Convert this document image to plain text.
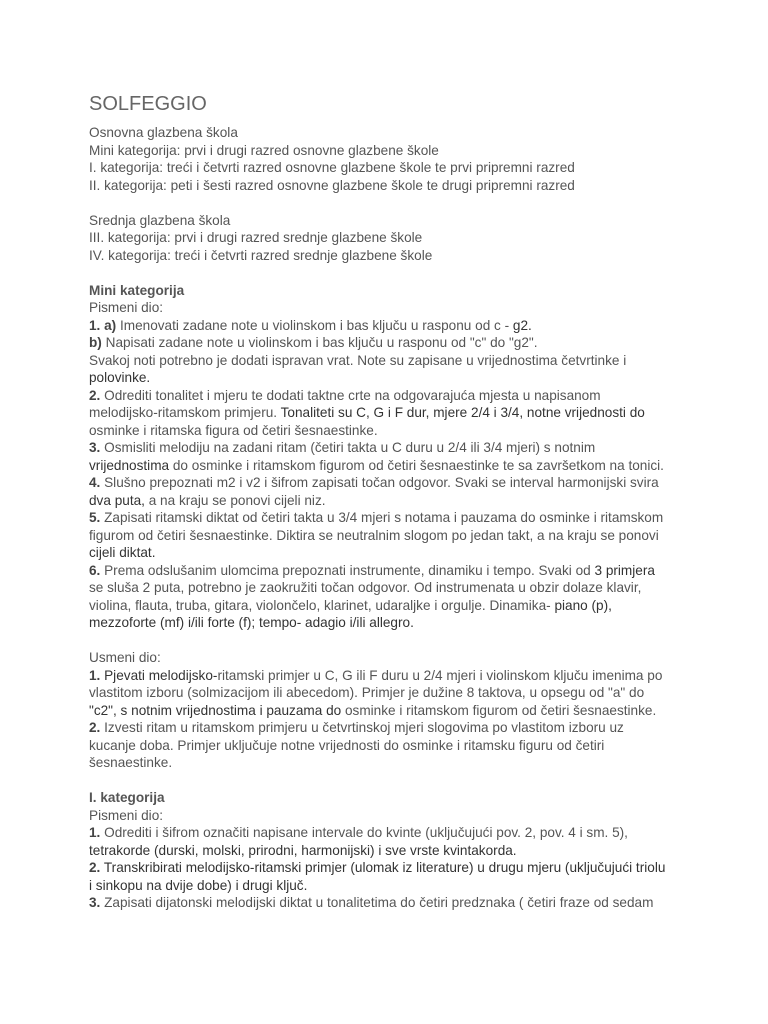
SOLFEGGIO
Osnovna glazbena škola
Mini kategorija: prvi i drugi razred osnovne glazbene škole
I. kategorija: treći i četvrti razred osnovne glazbene škole te prvi pripremni razred
II. kategorija: peti i šesti razred osnovne glazbene škole te drugi pripremni razred
Srednja glazbena škola
III. kategorija: prvi i drugi razred srednje glazbene škole
IV. kategorija: treći i četvrti razred srednje glazbene škole
Mini kategorija
Pismeni dio:
1. a) Imenovati zadane note u violinskom i bas ključu u rasponu od c - g2.
b) Napisati zadane note u violinskom i bas ključu u rasponu od "c" do "g2".
Svakoj noti potrebno je dodati ispravan vrat. Note su zapisane u vrijednostima četvrtinke i
polovinke.
2. Odrediti tonalitet i mjeru te dodati taktne crte na odgovarajuća mjesta u napisanom
melodijsko-ritamskom primjeru. Tonaliteti su C, G i F dur, mjere 2/4 i 3/4, notne vrijednosti do
osminke i ritamska figura od četiri šesnaestinke.
3. Osmisliti melodiju na zadani ritam (četiri takta u C duru u 2/4 ili 3/4 mjeri) s notnim
vrijednostima do osminke i ritamskom figurom od četiri šesnaestinke te sa završetkom na tonici.
4. Slušno prepoznati m2 i v2 i šifrom zapisati točan odgovor. Svaki se interval harmonijski svira
dva puta, a na kraju se ponovi cijeli niz.
5. Zapisati ritamski diktat od četiri takta u 3/4 mjeri s notama i pauzama do osminke i ritamskom
figurom od četiri šesnaestinke. Diktira se neutralnim slogom po jedan takt, a na kraju se ponovi
cijeli diktat.
6. Prema odslušanim ulomcima prepoznati instrumente, dinamiku i tempo. Svaki od 3 primjera
se sluša 2 puta, potrebno je zaokružiti točan odgovor. Od instrumenata u obzir dolaze klavir,
violina, flauta, truba, gitara, violončelo, klarinet, udaraljke i orgulje. Dinamika- piano (p),
mezzoforte (mf) i/ili forte (f); tempo- adagio i/ili allegro.
Usmeni dio:
1. Pjevati melodijsko-ritamski primjer u C, G ili F duru u 2/4 mjeri i violinskom ključu imenima po
vlastitom izboru (solmizacijom ili abecedom). Primjer je dužine 8 taktova, u opsegu od "a" do
"c2", s notnim vrijednostima i pauzama do osminke i ritamskom figurom od četiri šesnaestinke.
2. Izvesti ritam u ritamskom primjeru u četvrtinskoj mjeri slogovima po vlastitom izboru uz
kucanje doba. Primjer uključuje notne vrijednosti do osminke i ritamsku figuru od četiri
šesnaestinke.
I. kategorija
Pismeni dio:
1. Odrediti i šifrom označiti napisane intervale do kvinte (uključujući pov. 2, pov. 4 i sm. 5),
tetrakorde (durski, molski, prirodni, harmonijski) i sve vrste kvintakorda.
2. Transkribirati melodijsko-ritamski primjer (ulomak iz literature) u drugu mjeru (uključujući triolu
i sinkopu na dvije dobe) i drugi ključ.
3. Zapisati dijatonski melodijski diktat u tonalitetima do četiri predznaka ( četiri fraze od sedam
